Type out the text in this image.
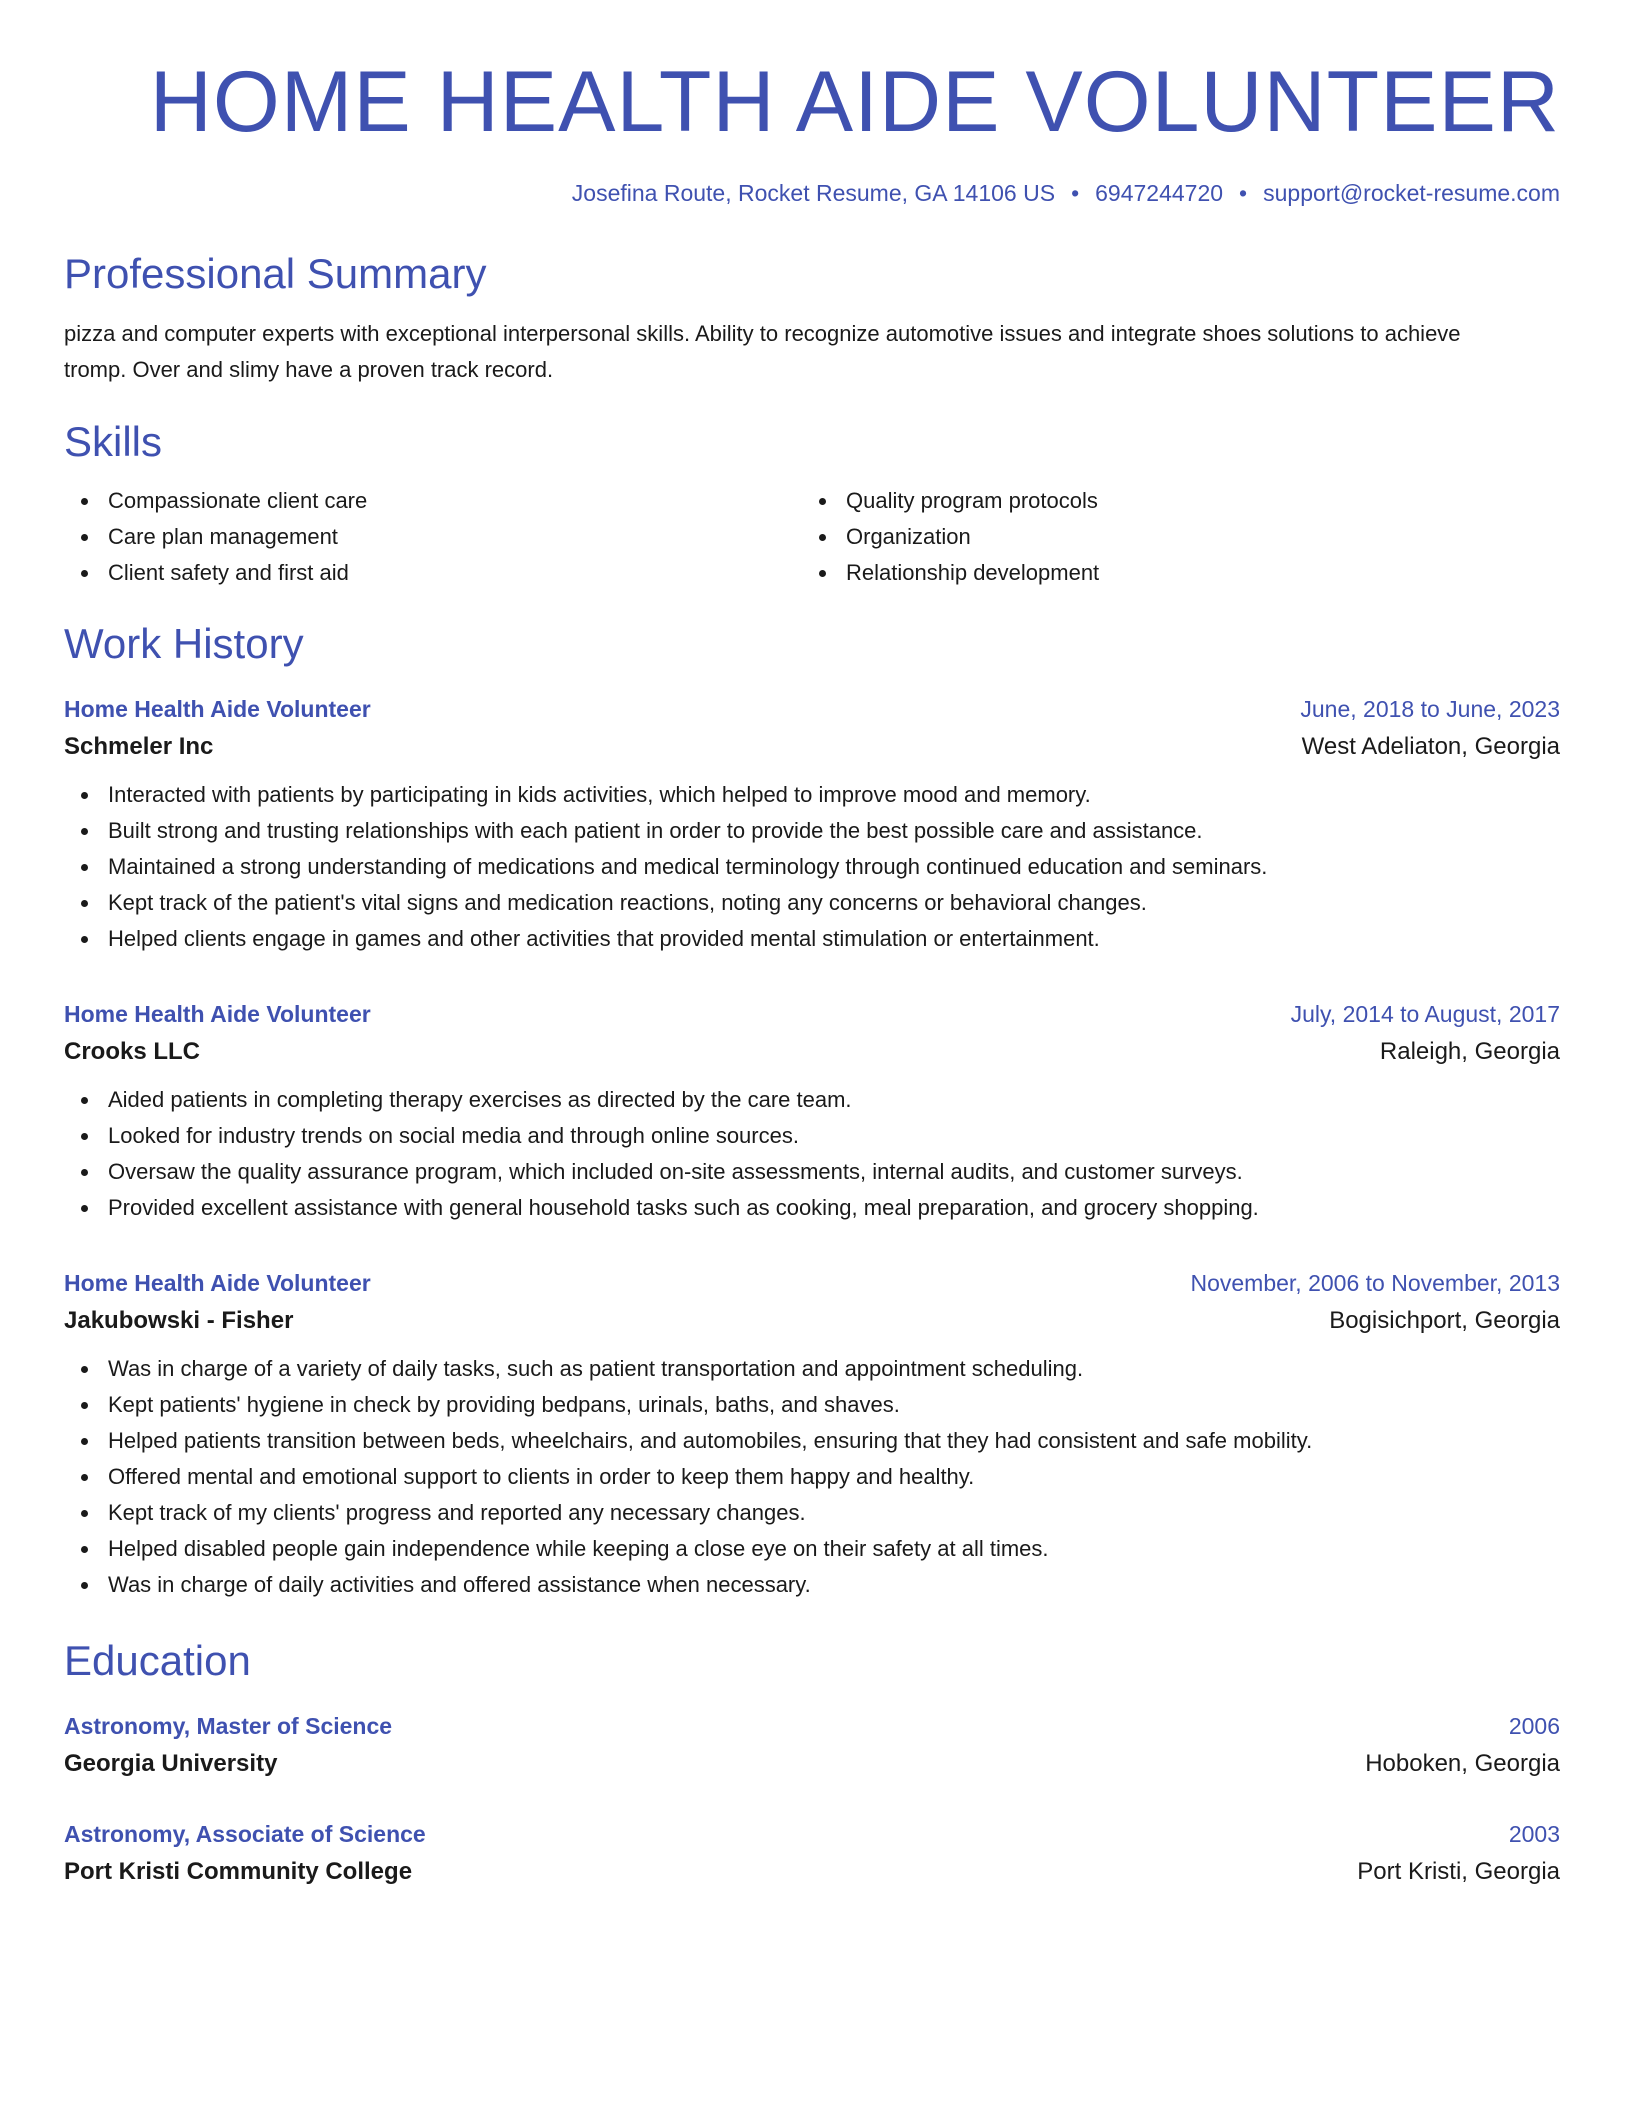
HOME HEALTH AIDE VOLUNTEER
Josefina Route, Rocket Resume, GA 14106 US • 6947244720 • support@rocket-resume.com
Professional Summary
pizza and computer experts with exceptional interpersonal skills. Ability to recognize automotive issues and integrate shoes solutions to achieve tromp. Over and slimy have a proven track record.
Skills
Compassionate client care
Care plan management
Client safety and first aid
Quality program protocols
Organization
Relationship development
Work History
Home Health Aide Volunteer	June, 2018 to June, 2023
Schmeler Inc	West Adeliaton, Georgia
Interacted with patients by participating in kids activities, which helped to improve mood and memory.
Built strong and trusting relationships with each patient in order to provide the best possible care and assistance.
Maintained a strong understanding of medications and medical terminology through continued education and seminars.
Kept track of the patient's vital signs and medication reactions, noting any concerns or behavioral changes.
Helped clients engage in games and other activities that provided mental stimulation or entertainment.
Home Health Aide Volunteer	July, 2014 to August, 2017
Crooks LLC	Raleigh, Georgia
Aided patients in completing therapy exercises as directed by the care team.
Looked for industry trends on social media and through online sources.
Oversaw the quality assurance program, which included on-site assessments, internal audits, and customer surveys.
Provided excellent assistance with general household tasks such as cooking, meal preparation, and grocery shopping.
Home Health Aide Volunteer	November, 2006 to November, 2013
Jakubowski - Fisher	Bogisichport, Georgia
Was in charge of a variety of daily tasks, such as patient transportation and appointment scheduling.
Kept patients' hygiene in check by providing bedpans, urinals, baths, and shaves.
Helped patients transition between beds, wheelchairs, and automobiles, ensuring that they had consistent and safe mobility.
Offered mental and emotional support to clients in order to keep them happy and healthy.
Kept track of my clients' progress and reported any necessary changes.
Helped disabled people gain independence while keeping a close eye on their safety at all times.
Was in charge of daily activities and offered assistance when necessary.
Education
Astronomy, Master of Science	2006
Georgia University	Hoboken, Georgia
Astronomy, Associate of Science	2003
Port Kristi Community College	Port Kristi, Georgia
